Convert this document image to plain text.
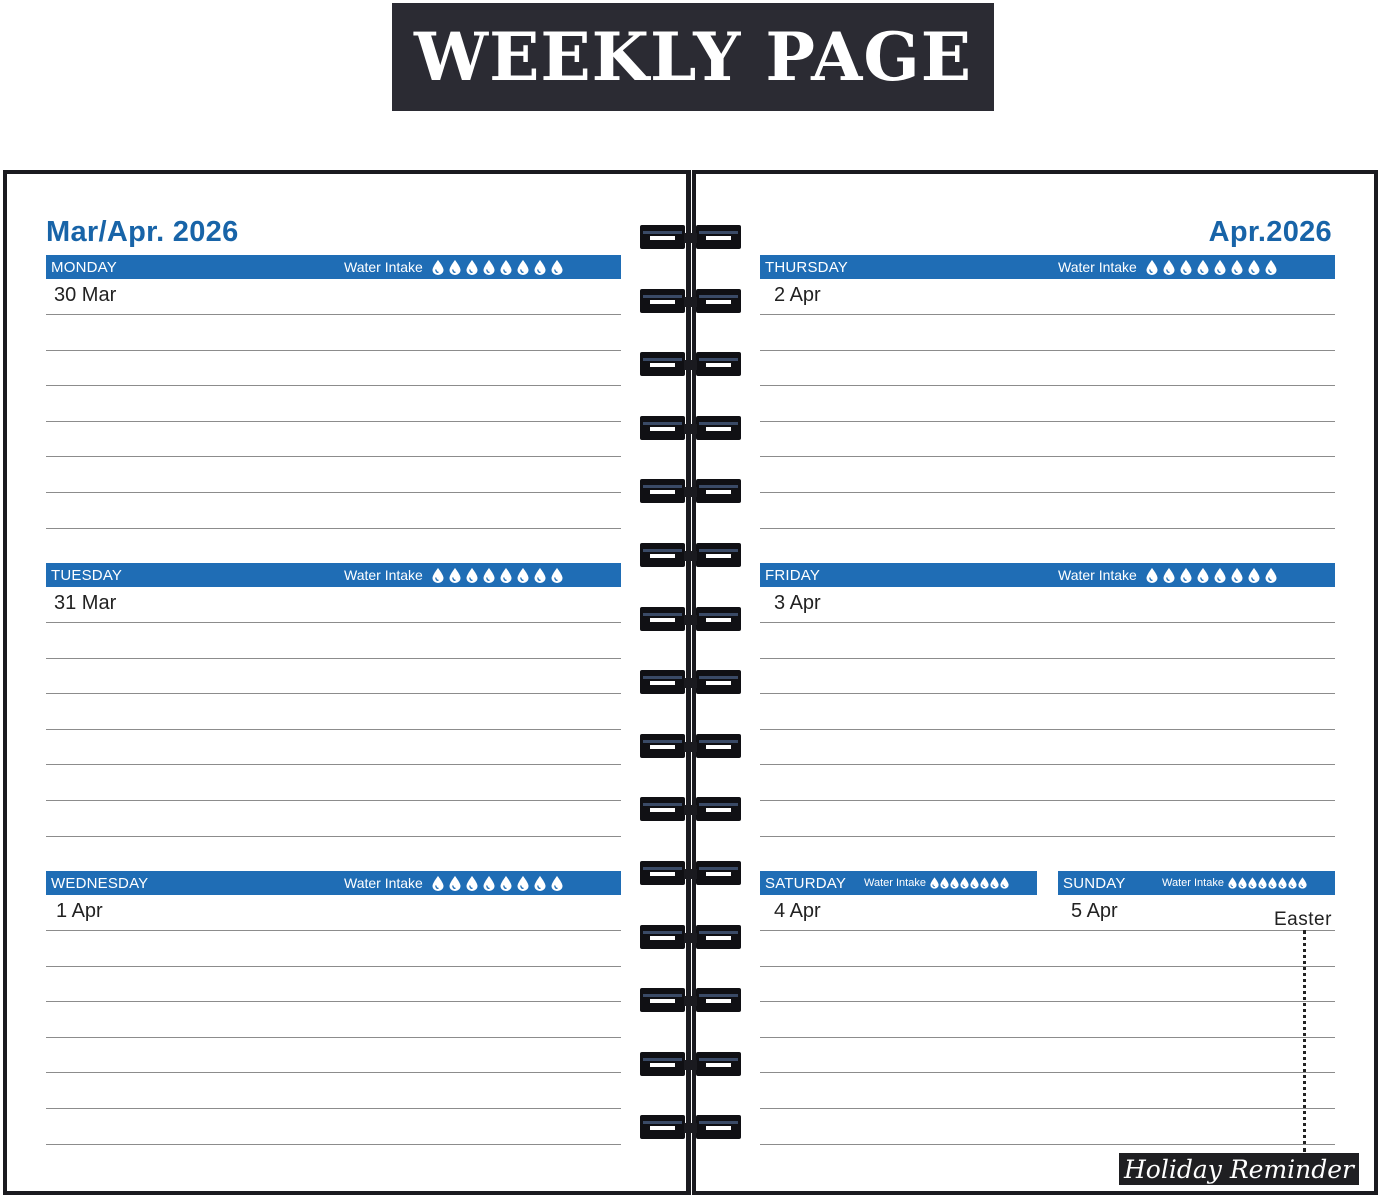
WEEKLY PAGE
Mar/Apr. 2026	Apr.2026
MONDAY	Water Intake
30 Mar
TUESDAY	Water Intake
31 Mar
WEDNESDAY	Water Intake
1 Apr
THURSDAY	Water Intake
2 Apr
FRIDAY	Water Intake
3 Apr
SATURDAY Water Intake
4 Apr
SUNDAY	Water Intake
5 Apr	Easter
Holiday Reminder
